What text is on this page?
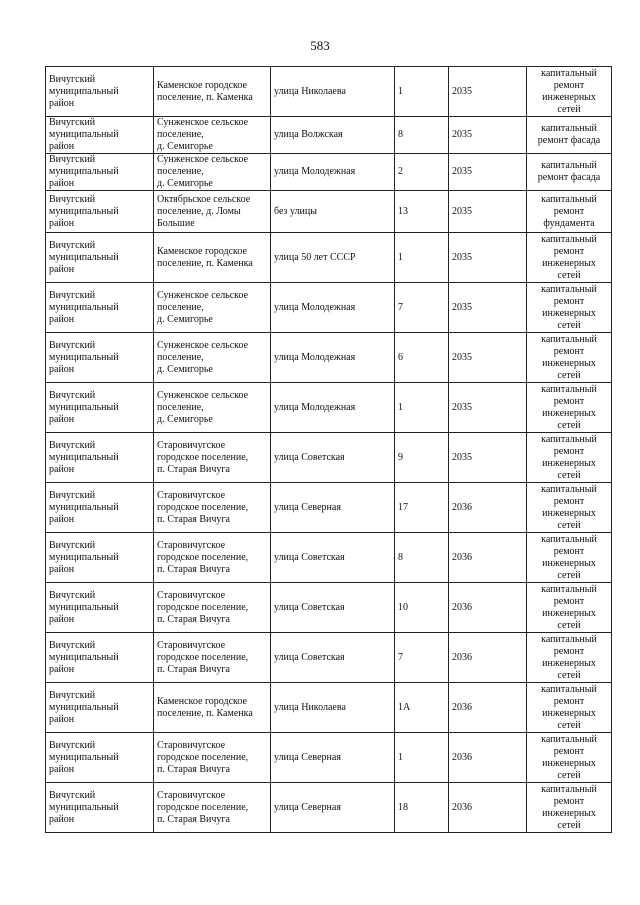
583
Вичугский
муниципальный
район	Каменское городское
поселение, п. Каменка	улица Николаева	1	2035	капитальный
ремонт
инженерных
сетей

Вичугский
муниципальный
район	Сунженское сельское
поселение,
д. Семигорье	улица Волжская	8	2035	капитальный
ремонт фасада

Вичугский
муниципальный
район	Сунженское сельское
поселение,
д. Семигорье	улица Молодежная	2	2035	капитальный
ремонт фасада

Вичугский
муниципальный
район	Октябрьское сельское
поселение, д. Ломы
Большие	без улицы	13	2035	капитальный
ремонт
фундамента

Вичугский
муниципальный
район	Каменское городское
поселение, п. Каменка	улица 50 лет СССР	1	2035	капитальный
ремонт
инженерных
сетей

Вичугский
муниципальный
район	Сунженское сельское
поселение,
д. Семигорье	улица Молодежная	7	2035	капитальный
ремонт
инженерных
сетей

Вичугский
муниципальный
район	Сунженское сельское
поселение,
д. Семигорье	улица Молодежная	6	2035	капитальный
ремонт
инженерных
сетей

Вичугский
муниципальный
район	Сунженское сельское
поселение,
д. Семигорье	улица Молодежная	1	2035	капитальный
ремонт
инженерных
сетей

Вичугский
муниципальный
район	Старовичугское
городское поселение,
п. Старая Вичуга	улица Советская	9	2035	капитальный
ремонт
инженерных
сетей

Вичугский
муниципальный
район	Старовичугское
городское поселение,
п. Старая Вичуга	улица Северная	17	2036	капитальный
ремонт
инженерных
сетей

Вичугский
муниципальный
район	Старовичугское
городское поселение,
п. Старая Вичуга	улица Советская	8	2036	капитальный
ремонт
инженерных
сетей

Вичугский
муниципальный
район	Старовичугское
городское поселение,
п. Старая Вичуга	улица Советская	10	2036	капитальный
ремонт
инженерных
сетей

Вичугский
муниципальный
район	Старовичугское
городское поселение,
п. Старая Вичуга	улица Советская	7	2036	капитальный
ремонт
инженерных
сетей

Вичугский
муниципальный
район	Каменское городское
поселение, п. Каменка	улица Николаева	1А	2036	капитальный
ремонт
инженерных
сетей

Вичугский
муниципальный
район	Старовичугское
городское поселение,
п. Старая Вичуга	улица Северная	1	2036	капитальный
ремонт
инженерных
сетей

Вичугский
муниципальный
район	Старовичугское
городское поселение,
п. Старая Вичуга	улица Северная	18	2036	капитальный
ремонт
инженерных
сетей
